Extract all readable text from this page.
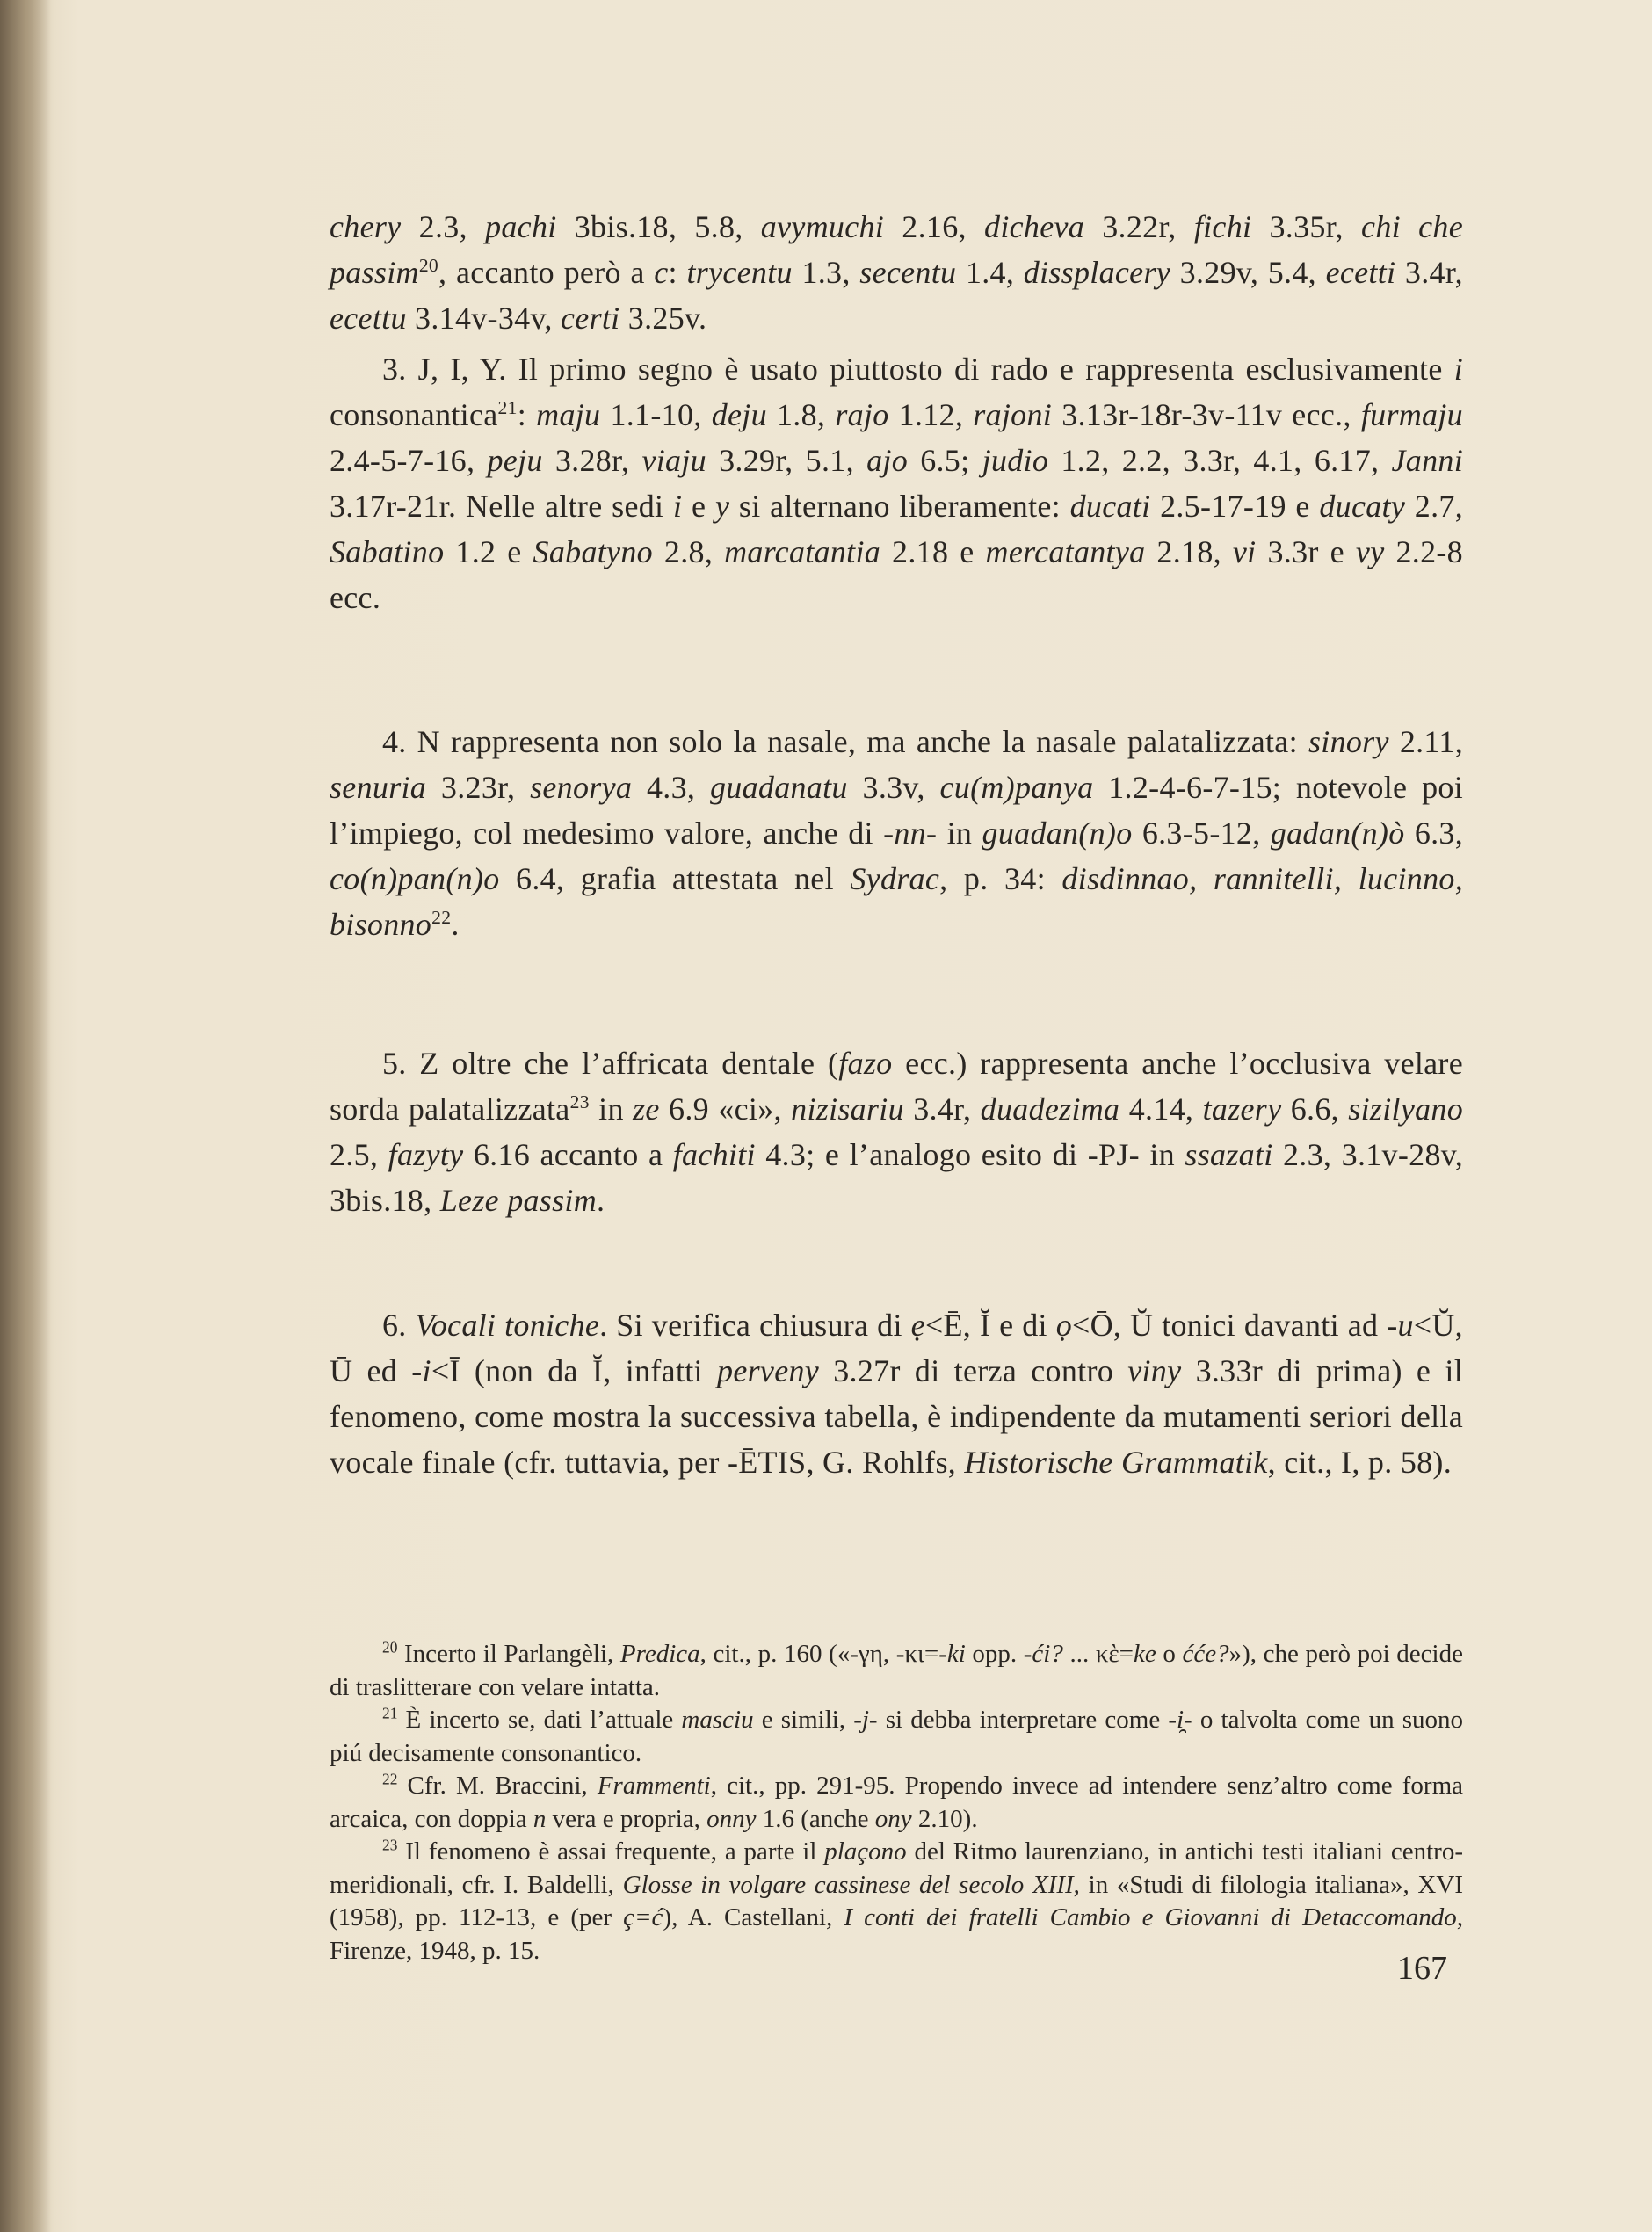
chery 2.3, pachi 3bis.18, 5.8, avymuchi 2.16, dicheva 3.22r, fichi 3.35r, chi che passim$^{20}$, accanto però a c: trycentu 1.3, secentu 1.4, dissplacery 3.29v, 5.4, ecetti 3.4r, ecettu 3.14v-34v, certi 3.25v.

3. J, I, Y. Il primo segno è usato piuttosto di rado e rappresenta esclusivamente i consonantica$^{21}$: maju 1.1-10, deju 1.8, rajo 1.12, rajoni 3.13r-18r-3v-11v ecc., furmaju 2.4-5-7-16, peju 3.28r, viaju 3.29r, 5.1, ajo 6.5; judio 1.2, 2.2, 3.3r, 4.1, 6.17, Janni 3.17r-21r. Nelle altre sedi i e y si alternano liberamente: ducati 2.5-17-19 e ducaty 2.7, Sabatino 1.2 e Sabatyno 2.8, marcatantia 2.18 e mercatantya 2.18, vi 3.3r e vy 2.2-8 ecc.

4. N rappresenta non solo la nasale, ma anche la nasale palatalizzata: sinory 2.11, senuria 3.23r, senorya 4.3, guadanatu 3.3v, cu(m)panya 1.2-4-6-7-15; notevole poi l’impiego, col medesimo valore, anche di -nn- in guadan(n)o 6.3-5-12, gadan(n)ò 6.3, co(n)pan(n)o 6.4, grafia attestata nel Sydrac, p. 34: disdinnao, rannitelli, lucinno, bisonno$^{22}$.

5. Z oltre che l’affricata dentale (fazo ecc.) rappresenta anche l’occlusiva velare sorda palatalizzata$^{23}$ in ze 6.9 «ci», nizisariu 3.4r, duadezima 4.14, tazery 6.6, sizilyano 2.5, fazyty 6.16 accanto a fachiti 4.3; e l’analogo esito di -PJ- in ssazati 2.3, 3.1v-28v, 3bis.18, Leze passim.

6. Vocali toniche. Si verifica chiusura di ẹ<Ē, Ĭ e di ọ<Ō, Ŭ tonici davanti ad -u<Ŭ, Ū ed -i<Ī (non da Ĭ, infatti perveny 3.27r di terza contro viny 3.33r di prima) e il fenomeno, come mostra la successiva tabella, è indipendente da mutamenti seriori della vocale finale (cfr. tuttavia, per -ĒTIS, G. Rohlfs, Historische Grammatik, cit., I, p. 58).

$^{20}$ Incerto il Parlangèli, Predica, cit., p. 160 («-γη, -κι=-ki opp. -ći? ... κὲ=ke o ćće?»), che però poi decide di traslitterare con velare intatta.

$^{21}$ È incerto se, dati l’attuale masciu e simili, -j- si debba interpretare come -i̯- o talvolta come un suono piú decisamente consonantico.

$^{22}$ Cfr. M. Braccini, Frammenti, cit., pp. 291-95. Propendo invece ad intendere senz’altro come forma arcaica, con doppia n vera e propria, onny 1.6 (anche ony 2.10).

$^{23}$ Il fenomeno è assai frequente, a parte il plaçono del Ritmo laurenziano, in antichi testi italiani centro-meridionali, cfr. I. Baldelli, Glosse in volgare cassinese del secolo XIII, in «Studi di filologia italiana», XVI (1958), pp. 112-13, e (per ç=ć), A. Castellani, I conti dei fratelli Cambio e Giovanni di Detaccomando, Firenze, 1948, p. 15.	167
